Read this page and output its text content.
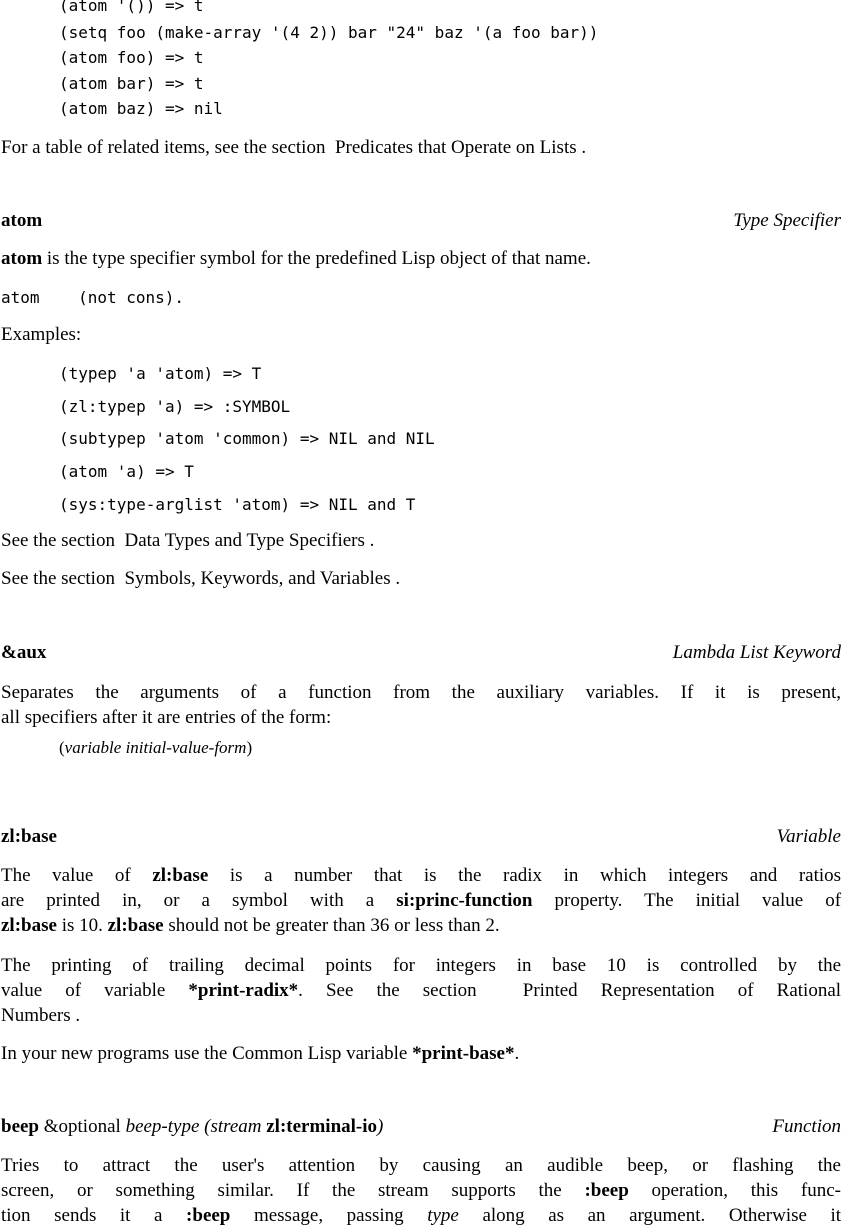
(atom '()) => t
(setq foo (make-array '(4 2)) bar "24" baz '(a foo bar))
(atom foo) => t
(atom bar) => t
(atom baz) => nil
For a table of related items, see the section Predicates that Operate on Lists .
atom	Type Specifier
atom is the type specifier symbol for the predefined Lisp object of that name.
atom (not cons).
Examples:
(typep 'a 'atom) => T
(zl:typep 'a) => :SYMBOL
(subtypep 'atom 'common) => NIL and NIL
(atom 'a) => T
(sys:type-arglist 'atom) => NIL and T
See the section Data Types and Type Specifiers .
See the section Symbols, Keywords, and Variables .
&aux	Lambda List Keyword
Separates the arguments of a function from the auxiliary variables. If it is present,
all specifiers after it are entries of the form:
(variable initial-value-form)
zl:base	Variable
The value of zl:base is a number that is the radix in which integers and ratios
are printed in, or a symbol with a si:princ-function property. The initial value of
zl:base is 10. zl:base should not be greater than 36 or less than 2.
The printing of trailing decimal points for integers in base 10 is controlled by the
value of variable *print-radix*. See the section Printed Representation of Rational
Numbers .
In your new programs use the Common Lisp variable *print-base*.
beep &optional beep-type (stream zl:terminal-io)	Function
Tries to attract the user's attention by causing an audible beep, or flashing the
screen, or something similar. If the stream supports the :beep operation, this func-
tion sends it a :beep message, passing type along as an argument. Otherwise it
